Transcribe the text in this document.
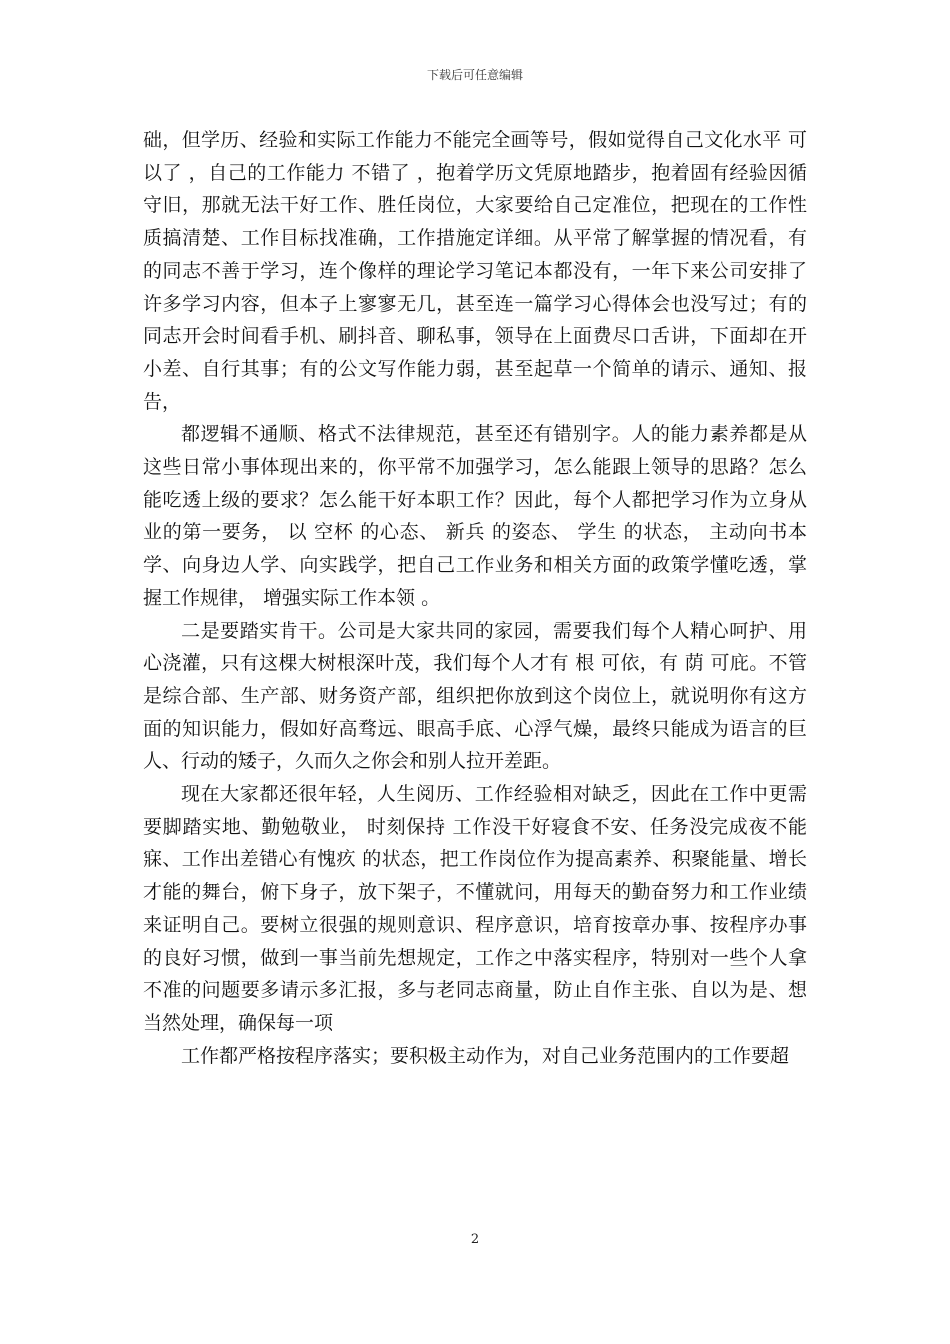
下载后可任意编辑

础，但学历、经验和实际工作能力不能完全画等号，假如觉得自己文化水平 可以了 ，自己的工作能力 不错了 ，抱着学历文凭原地踏步，抱着固有经验因循守旧，那就无法干好工作、胜任岗位，大家要给自己定准位，把现在的工作性质搞清楚、工作目标找准确，工作措施定详细。从平常了解掌握的情况看，有的同志不善于学习，连个像样的理论学习笔记本都没有，一年下来公司安排了许多学习内容，但本子上寥寥无几，甚至连一篇学习心得体会也没写过；有的同志开会时间看手机、刷抖音、聊私事，领导在上面费尽口舌讲，下面却在开小差、自行其事；有的公文写作能力弱，甚至起草一个简单的请示、通知、报告，

都逻辑不通顺、格式不法律规范，甚至还有错别字。人的能力素养都是从这些日常小事体现出来的，你平常不加强学习，怎么能跟上领导的思路？怎么能吃透上级的要求？怎么能干好本职工作？因此，每个人都把学习作为立身从业的第一要务， 以 空杯 的心态、 新兵 的姿态、 学生 的状态， 主动向书本学、向身边人学、向实践学，把自己工作业务和相关方面的政策学懂吃透，掌握工作规律， 增强实际工作本领 。

二是要踏实肯干。公司是大家共同的家园，需要我们每个人精心呵护、用心浇灌，只有这棵大树根深叶茂，我们每个人才有 根 可依，有 荫 可庇。不管是综合部、生产部、财务资产部，组织把你放到这个岗位上，就说明你有这方面的知识能力，假如好高骛远、眼高手底、心浮气燥，最终只能成为语言的巨人、行动的矮子，久而久之你会和别人拉开差距。

现在大家都还很年轻，人生阅历、工作经验相对缺乏，因此在工作中更需要脚踏实地、勤勉敬业， 时刻保持 工作没干好寝食不安、任务没完成夜不能寐、工作出差错心有愧疚 的状态，把工作岗位作为提高素养、积聚能量、增长才能的舞台，俯下身子，放下架子，不懂就问，用每天的勤奋努力和工作业绩来证明自己。要树立很强的规则意识、程序意识，培育按章办事、按程序办事的良好习惯，做到一事当前先想规定，工作之中落实程序，特别对一些个人拿不准的问题要多请示多汇报，多与老同志商量，防止自作主张、自以为是、想当然处理，确保每一项

工作都严格按程序落实；要积极主动作为，对自己业务范围内的工作要超

2
